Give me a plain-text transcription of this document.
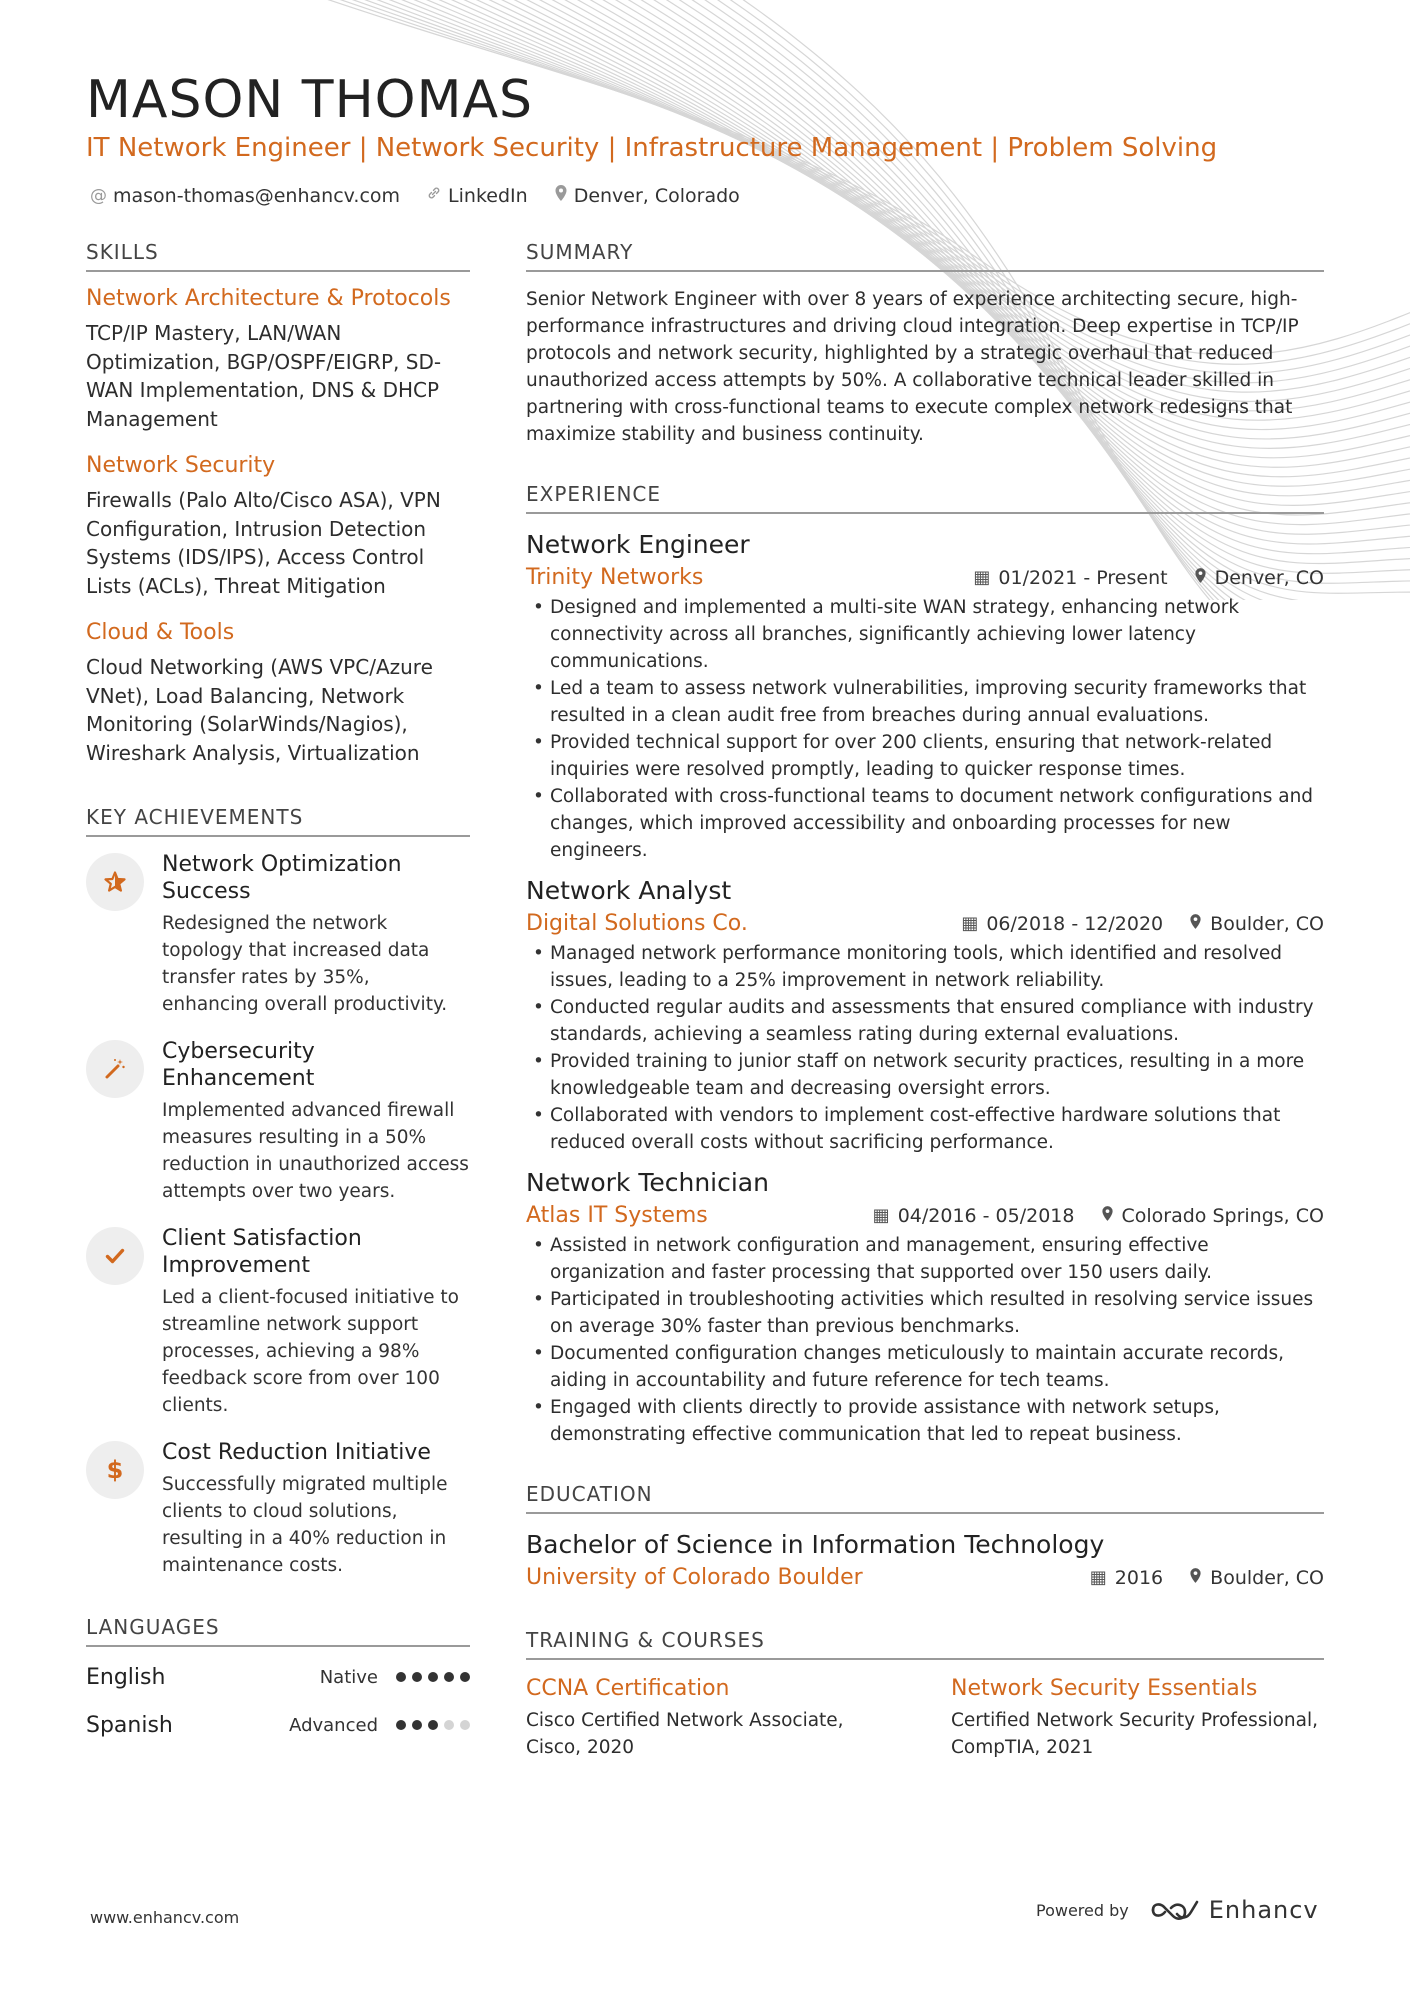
MASON THOMAS
IT Network Engineer | Network Security | Infrastructure Management | Problem Solving
@ mason-thomas@enhancv.com	LinkedIn Denver, Colorado
SKILLS
Network Architecture & Protocols
TCP/IP Mastery, LAN/WAN Optimization, BGP/OSPF/EIGRP, SD-WAN Implementation, DNS & DHCP Management
Network Security
Firewalls (Palo Alto/Cisco ASA), VPN Configuration, Intrusion Detection Systems (IDS/IPS), Access Control Lists (ACLs), Threat Mitigation
Cloud & Tools
Cloud Networking (AWS VPC/Azure VNet), Load Balancing, Network Monitoring (SolarWinds/Nagios), Wireshark Analysis, Virtualization
KEY ACHIEVEMENTS
Network Optimization Success
Redesigned the network topology that increased data transfer rates by 35%, enhancing overall productivity.
Cybersecurity Enhancement
Implemented advanced firewall measures resulting in a 50% reduction in unauthorized access attempts over two years.
Client Satisfaction Improvement
Led a client-focused initiative to streamline network support processes, achieving a 98% feedback score from over 100 clients.
$
Cost Reduction Initiative
Successfully migrated multiple clients to cloud solutions, resulting in a 40% reduction in maintenance costs.
LANGUAGES
English	Native
Spanish	Advanced
SUMMARY
Senior Network Engineer with over 8 years of experience architecting secure, high-performance infrastructures and driving cloud integration. Deep expertise in TCP/IP protocols and network security, highlighted by a strategic overhaul that reduced unauthorized access attempts by 50%. A collaborative technical leader skilled in partnering with cross-functional teams to execute complex network redesigns that maximize stability and business continuity.
EXPERIENCE
Network Engineer
Trinity Networks	▦ 01/2021 - Present Denver, CO
• Designed and implemented a multi-site WAN strategy, enhancing network connectivity across all branches, significantly achieving lower latency communications.
• Led a team to assess network vulnerabilities, improving security frameworks that resulted in a clean audit free from breaches during annual evaluations.
• Provided technical support for over 200 clients, ensuring that network-related inquiries were resolved promptly, leading to quicker response times.
• Collaborated with cross-functional teams to document network configurations and changes, which improved accessibility and onboarding processes for new engineers.
Network Analyst
Digital Solutions Co.	▦ 06/2018 - 12/2020 Boulder, CO
• Managed network performance monitoring tools, which identified and resolved issues, leading to a 25% improvement in network reliability.
• Conducted regular audits and assessments that ensured compliance with industry standards, achieving a seamless rating during external evaluations.
• Provided training to junior staff on network security practices, resulting in a more knowledgeable team and decreasing oversight errors.
• Collaborated with vendors to implement cost-effective hardware solutions that reduced overall costs without sacrificing performance.
Network Technician
Atlas IT Systems	▦ 04/2016 - 05/2018 Colorado Springs, CO
• Assisted in network configuration and management, ensuring effective organization and faster processing that supported over 150 users daily.
• Participated in troubleshooting activities which resulted in resolving service issues on average 30% faster than previous benchmarks.
• Documented configuration changes meticulously to maintain accurate records, aiding in accountability and future reference for tech teams.
• Engaged with clients directly to provide assistance with network setups, demonstrating effective communication that led to repeat business.
EDUCATION
Bachelor of Science in Information Technology
University of Colorado Boulder	▦ 2016 Boulder, CO
TRAINING & COURSES
CCNA Certification
Cisco Certified Network Associate, Cisco, 2020
Network Security Essentials
Certified Network Security Professional, CompTIA, 2021
www.enhancv.com	Powered by	Enhancv
